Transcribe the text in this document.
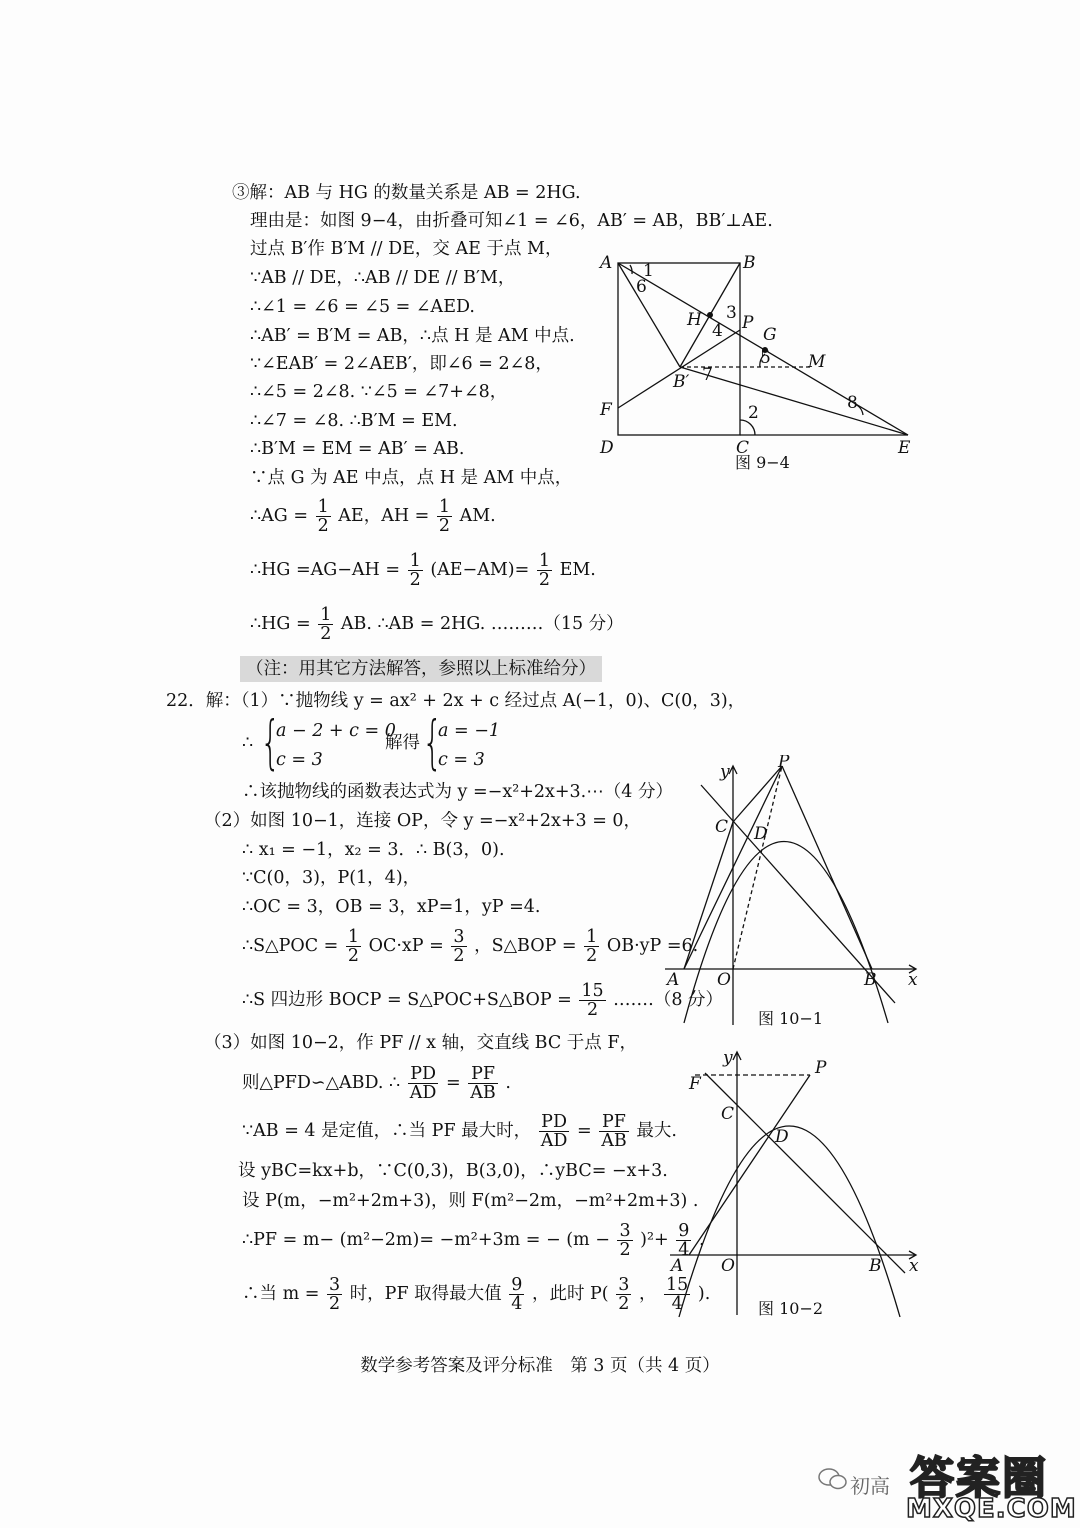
③解：AB 与 HG 的数量关系是 AB = 2HG.
理由是：如图 9−4，由折叠可知∠1 = ∠6，AB′ = AB，BB′⊥AE.
过点 B′作 B′M // DE，交 AE 于点 M，
∵AB // DE，∴AB // DE // B′M，
∴∠1 = ∠6 = ∠5 = ∠AED.
∴AB′ = B′M = AB，∴点 H 是 AM 中点.
∵∠EAB′ = 2∠AEB′，即∠6 = 2∠8，
∴∠5 = 2∠8. ∵∠5 = ∠7+∠8，
∴∠7 = ∠8. ∴B′M = EM.
∴B′M = EM = AB′ = AB.
∵点 G 为 AE 中点，点 H 是 AM 中点，
∴AG = $\frac{1}{2}$ AE，AH = $\frac{1}{2}$ AM.
∴HG $=AG-AH = \frac{1}{2} (AE-AM)= \frac{1}{2}$ EM.
∴HG = $\frac{1}{2}$ AB. ∴AB = 2HG. ………（15 分）
（注：用其它方法解答，参照以上标准给分）
A	B
C
D	E
F
H P
G
M
B′
1
2
3
4
5
6
7
8
图 9−4
22．解：（1）∵抛物线 y = ax² + 2x + c 经过点 A(−1，0)、C(0，3)，
∴ {
a − 2 + c = 0
c = 3
解得 {
a = −1
c = 3
∴该抛物线的函数表达式为 y =−x²+2x+3.⋯（4 分）
（2）如图 10−1，连接 OP，令 y =−x²+2x+3 = 0，
∴ x₁ = −1，x₂ = 3．∴ B(3，0).
∵C(0，3)，P(1，4)，
∴OC = 3，OB = 3，xP=1，yP =4.
∴S△POC = $\frac{1}{2} OC\cdot xP = \frac{3}{2}$ ，S△BOP = $\frac{1}{2} OB\cdot yP =6$.
∴S 四边形 BOCP = S△POC+S△BOP = $\frac{15}{2}$ .……（8 分）
（3）如图 10−2，作 PF // x 轴，交直线 BC 于点 F，
则△PFD∽△ABD. ∴ $\frac{PD}{AD} = \frac{PF}{AB}$ .
∵AB = 4 是定值，∴当 PF 最大时， $\frac{PD}{AD} = \frac{PF}{AB}$ 最大.
设 yBC=kx+b，∵C(0,3)，B(3,0)，∴yBC= −x+3.
设 P(m，−m²+2m+3)，则 F(m²−2m，−m²+2m+3) .
∴PF = m− (m²−2m)= −m²+3m = − $(m - \frac{3}{2} )^2+ \frac{9}{4}$ .
∴当 $m = \frac{3}{2}$ 时，PF 取得最大值 $\frac{9}{4}$ ，此时 $P( \frac{3}{2}$ ， $\frac{15}{4}$ ).
y	P
C D
A O	B x
图 10−1
y	P
F
C
D
A O	B x
图 10−2
数学参考答案及评分标准　第 3 页（共 4 页）
初高 答案圈
MXQE.COM
